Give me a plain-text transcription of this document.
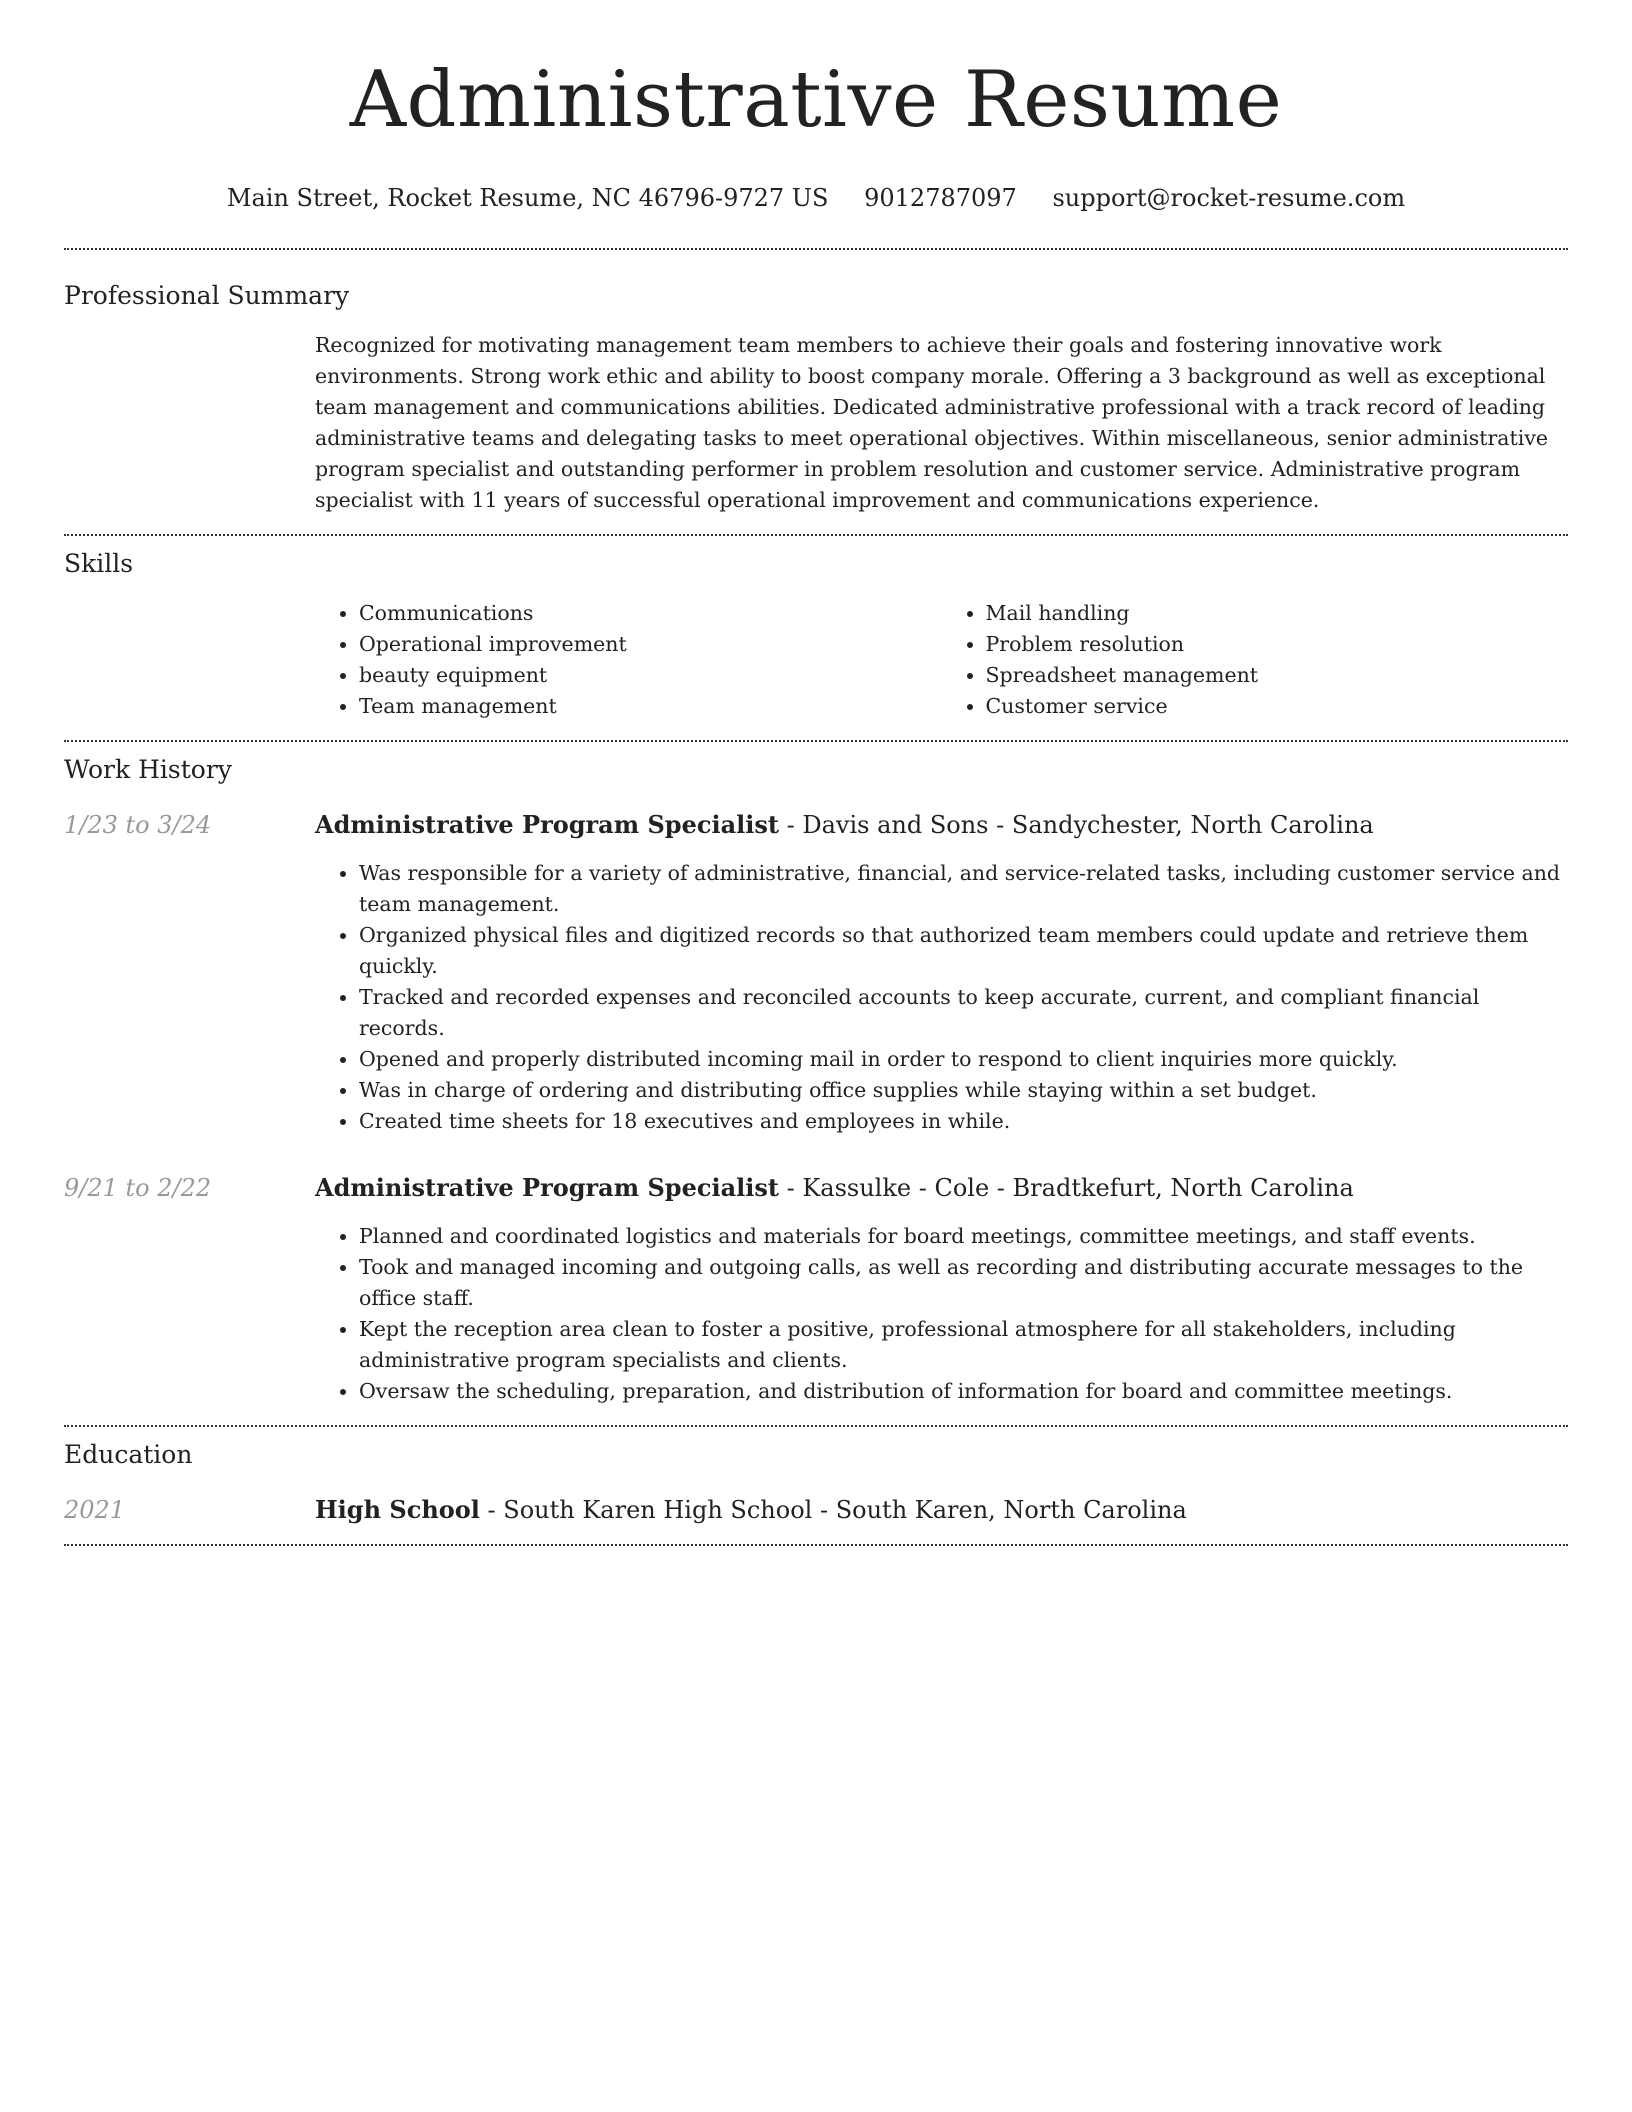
Administrative Resume
Main Street, Rocket Resume, NC 46796-9727 US 9012787097 support@rocket-resume.com
Professional Summary

Recognized for motivating management team members to achieve their goals and fostering innovative work environments. Strong work ethic and ability to boost company morale. Offering a 3 background as well as exceptional team management and communications abilities. Dedicated administrative professional with a track record of leading administrative teams and delegating tasks to meet operational objectives. Within miscellaneous, senior administrative program specialist and outstanding performer in problem resolution and customer service. Administrative program specialist with 11 years of successful operational improvement and communications experience.

Skills
• Communications
• Operational improvement
• beauty equipment
• Team management
• Mail handling
• Problem resolution
• Spreadsheet management
• Customer service
Work History
1/23 to 3/24	Administrative Program Specialist - Davis and Sons - Sandychester, North Carolina
• Was responsible for a variety of administrative, financial, and service-related tasks, including customer service and team management.
• Organized physical files and digitized records so that authorized team members could update and retrieve them quickly.
• Tracked and recorded expenses and reconciled accounts to keep accurate, current, and compliant financial records.
• Opened and properly distributed incoming mail in order to respond to client inquiries more quickly.
• Was in charge of ordering and distributing office supplies while staying within a set budget.
• Created time sheets for 18 executives and employees in while.
9/21 to 2/22	Administrative Program Specialist - Kassulke - Cole - Bradtkefurt, North Carolina
• Planned and coordinated logistics and materials for board meetings, committee meetings, and staff events.
• Took and managed incoming and outgoing calls, as well as recording and distributing accurate messages to the office staff.
• Kept the reception area clean to foster a positive, professional atmosphere for all stakeholders, including administrative program specialists and clients.
• Oversaw the scheduling, preparation, and distribution of information for board and committee meetings.
Education
2021	High School - South Karen High School - South Karen, North Carolina
